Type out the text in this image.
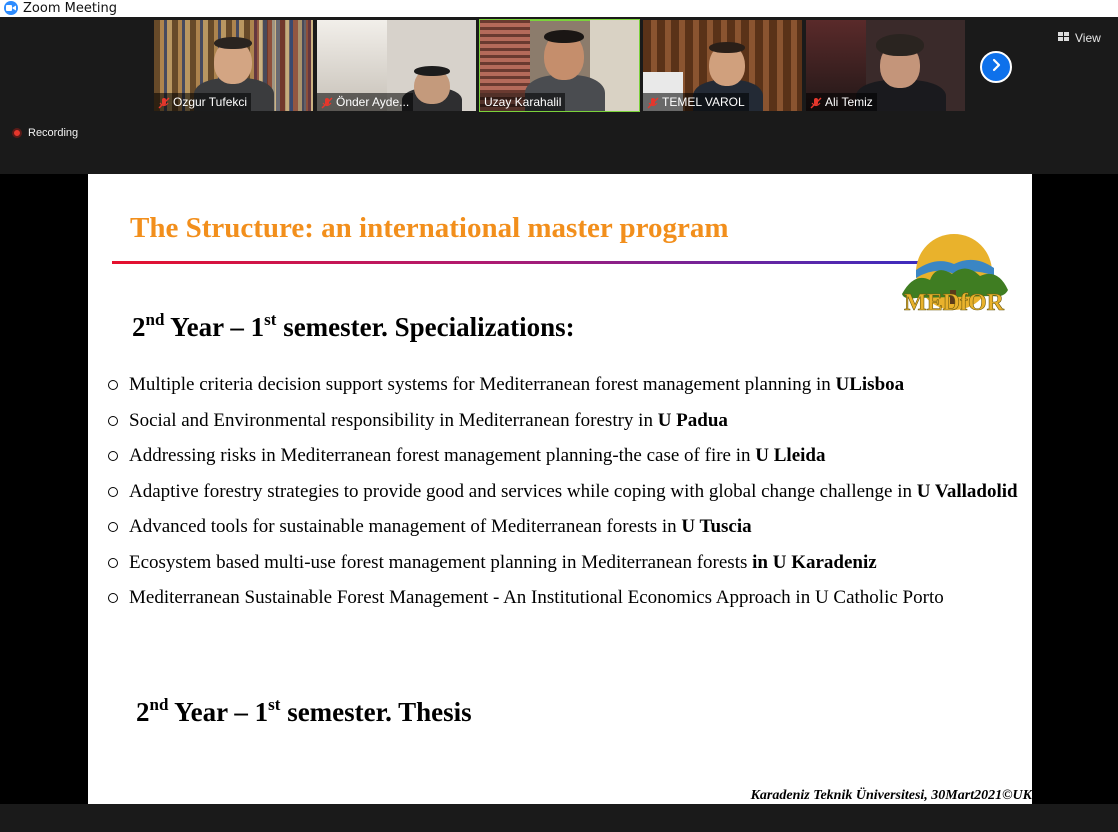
Zoom Meeting
Ozgur Tufekci	Önder Ayde...	Uzay Karahalil	TEMEL VAROL	Ali Temiz
View
Recording
The Structure: an international master program
MEDfOR
2nd Year – 1st semester. Specializations:
Multiple criteria decision support systems for Mediterranean forest management planning in ULisboa
Social and Environmental responsibility in Mediterranean forestry in U Padua
Addressing risks in Mediterranean forest management planning-the case of fire in U Lleida
Adaptive forestry strategies to provide good and services while coping with global change challenge in U Valladolid
Advanced tools for sustainable management of Mediterranean forests in U Tuscia
Ecosystem based multi-use forest management planning in Mediterranean forests in U Karadeniz
Mediterranean Sustainable Forest Management - An Institutional Economics Approach in U Catholic Porto
2nd Year – 1st semester. Thesis
Karadeniz Teknik Üniversitesi, 30Mart2021©UK
